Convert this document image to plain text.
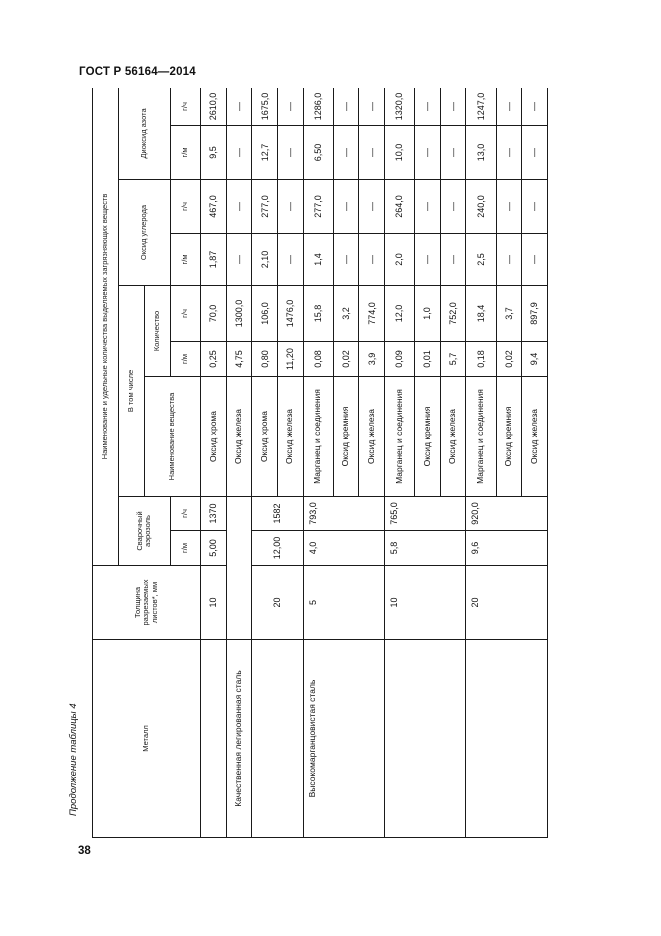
ГОСТ Р 56164—2014
Продолжение таблицы 4
38
Металл	Толщина разрезаемых листов*, мм	Наименование и удельные количества выделяемых загрязняющих веществ								
		Сварочный аэрозоль		В том числе			Оксид углерода		Диоксид азота	
				Наименование вещества	Количество					
		г/м	г/ч		г/м	г/ч	г/м	г/ч	г/м	г/ч
	10	5,00	1370	Оксид хрома	0,25	70,0	1,87	467,0	9,5	2610,0
Качественная легированная сталь				Оксид железа	4,75	1300,0	—	—	—	—
	20	12,00	1582	Оксид хрома	0,80	106,0	2,10	277,0	12,7	1675,0
				Оксид железа	11,20	1476,0	—	—	—	—
Высокомарганцовистая сталь	5	4,0	793,0	Марганец и соединения	0,08	15,8	1,4	277,0	6,50	1286,0
				Оксид кремния	0,02	3,2	—	—	—	—
				Оксид железа	3,9	774,0	—	—	—	—
	10	5,8	765,0	Марганец и соединения	0,09	12,0	2,0	264,0	10,0	1320,0
				Оксид кремния	0,01	1,0	—	—	—	—
				Оксид железа	5,7	752,0	—	—	—	—
	20	9,6	920,0	Марганец и соединения	0,18	18,4	2,5	240,0	13,0	1247,0
				Оксид кремния	0,02	3,7	—	—	—	—
				Оксид железа	9,4	897,9	—	—	—	—
